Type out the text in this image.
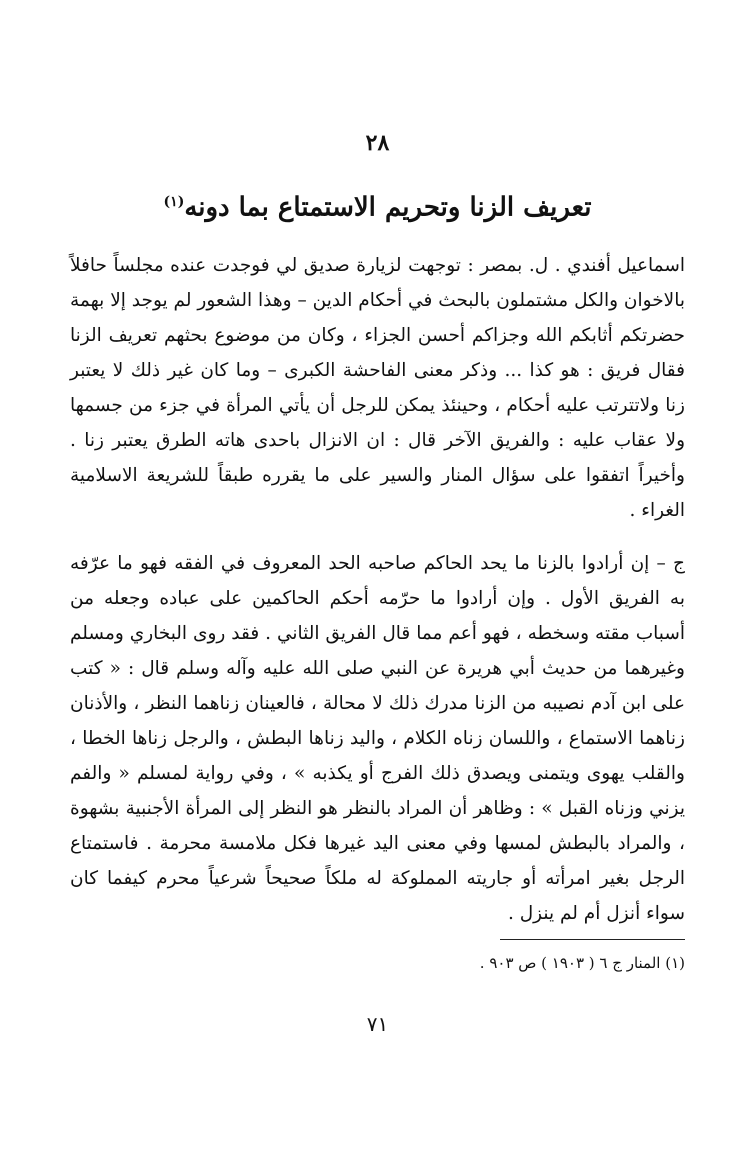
٢٨
تعريف الزنا وتحريم الاستمتاع بما دونه$^{(١)}$

اسماعيل أفندي . ل. بمصر : توجهت لزيارة صديق لي فوجدت عنده مجلساً حافلاً بالاخوان والكل مشتملون بالبحث في أحكام الدين – وهذا الشعور لم يوجد إلا بهمة حضرتكم أثابكم الله وجزاكم أحسن الجزاء ، وكان من موضوع بحثهم تعريف الزنا فقال فريق : هو كذا ... وذكر معنى الفاحشة الكبرى – وما كان غير ذلك لا يعتبر زنا ولاتترتب عليه أحكام ، وحينئذ يمكن للرجل أن يأتي المرأة في جزء من جسمها ولا عقاب عليه : والفريق الآخر قال : ان الانزال باحدى هاته الطرق يعتبر زنا . وأخيراً اتفقوا على سؤال المنار والسير على ما يقرره طبقاً للشريعة الاسلامية الغراء .

ج – إن أرادوا بالزنا ما يحد الحاكم صاحبه الحد المعروف في الفقه فهو ما عرّفه به الفريق الأول . وإن أرادوا ما حرّمه أحكم الحاكمين على عباده وجعله من أسباب مقته وسخطه ، فهو أعم مما قال الفريق الثاني . فقد روى البخاري ومسلم وغيرهما من حديث أبي هريرة عن النبي صلى الله عليه وآله وسلم قال : « كتب على ابن آدم نصيبه من الزنا مدرك ذلك لا محالة ، فالعينان زناهما النظر ، والأذنان زناهما الاستماع ، واللسان زناه الكلام ، واليد زناها البطش ، والرجل زناها الخطا ، والقلب يهوى ويتمنى ويصدق ذلك الفرج أو يكذبه » ، وفي رواية لمسلم « والفم يزني وزناه القبل » : وظاهر أن المراد بالنظر هو النظر إلى المرأة الأجنبية بشهوة ، والمراد بالبطش لمسها وفي معنى اليد غيرها فكل ملامسة محرمة . فاستمتاع الرجل بغير امرأته أو جاريته المملوكة له ملكاً صحيحاً شرعياً محرم كيفما كان سواء أنزل أم لم ينزل .

(١) المنار ج ٦ ( ١٩٠٣ ) ص ٩٠٣ .

٧١
